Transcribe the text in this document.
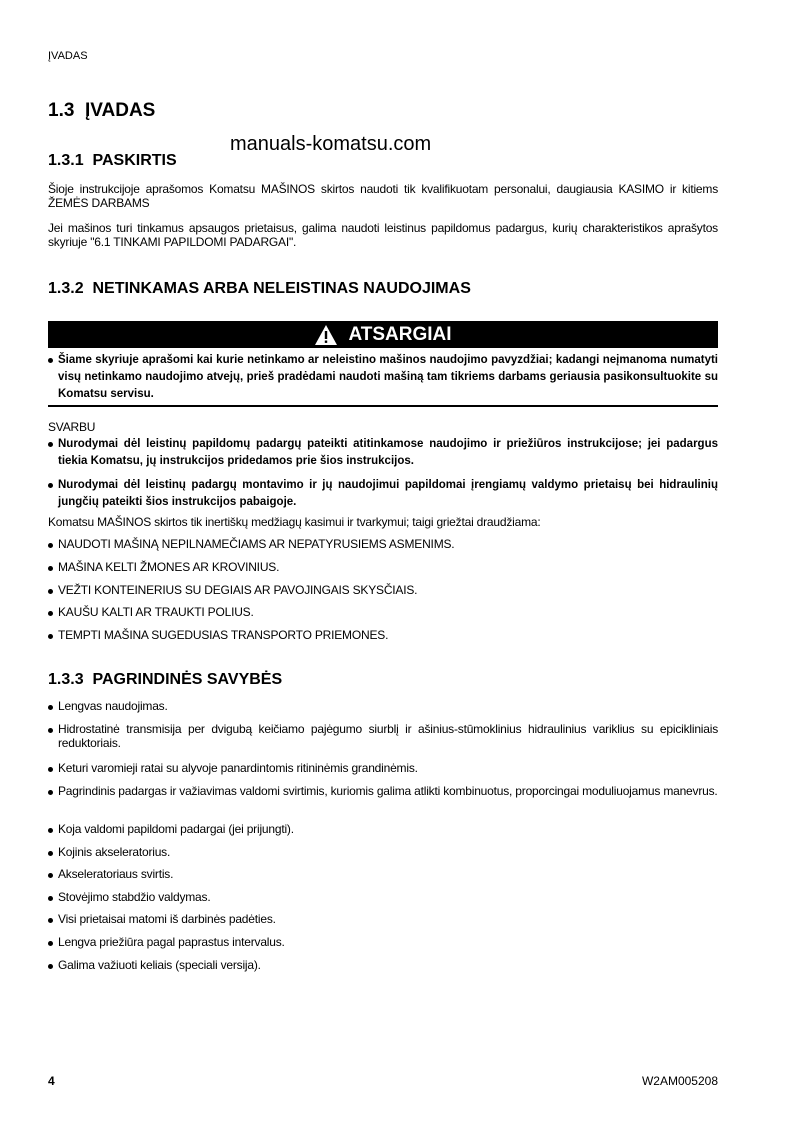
ĮVADAS
1.3  ĮVADAS
manuals-komatsu.com
1.3.1  PASKIRTIS

Šioje instrukcijoje aprašomos Komatsu MAŠINOS skirtos naudoti tik kvalifikuotam personalui, daugiausia KASIMO ir kitiems ŽEMĖS DARBAMS

Jei mašinos turi tinkamus apsaugos prietaisus, galima naudoti leistinus papildomus padargus, kurių charakteristikos aprašytos skyriuje "6.1 TINKAMI PAPILDOMI PADARGAI".

1.3.2  NETINKAMAS ARBA NELEISTINAS NAUDOJIMAS
ATSARGIAI

Šiame skyriuje aprašomi kai kurie netinkamo ar neleistino mašinos naudojimo pavyzdžiai; kadangi neįmanoma numatyti visų netinkamo naudojimo atvejų, prieš pradėdami naudoti mašiną tam tikriems darbams geriausia pasikonsultuokite su Komatsu servisu.

SVARBU

Nurodymai dėl leistinų papildomų padargų pateikti atitinkamose naudojimo ir priežiūros instrukcijose; jei padargus tiekia Komatsu, jų instrukcijos pridedamos prie šios instrukcijos.

Nurodymai dėl leistinų padargų montavimo ir jų naudojimui papildomai įrengiamų valdymo prietaisų bei hidraulinių jungčių pateikti šios instrukcijos pabaigoje.

Komatsu MAŠINOS skirtos tik inertiškų medžiagų kasimui ir tvarkymui; taigi griežtai draudžiama:

NAUDOTI MAŠINĄ NEPILNAMEČIAMS AR NEPATYRUSIEMS ASMENIMS.

MAŠINA KELTI ŽMONES AR KROVINIUS.

VEŽTI KONTEINERIUS SU DEGIAIS AR PAVOJINGAIS SKYSČIAIS.

KAUŠU KALTI AR TRAUKTI POLIUS.

TEMPTI MAŠINA SUGEDUSIAS TRANSPORTO PRIEMONES.

1.3.3  PAGRINDINĖS SAVYBĖS

Lengvas naudojimas.

Hidrostatinė transmisija per dvigubą keičiamo pajėgumo siurblį ir ašinius-stūmoklinius hidraulinius variklius su epicikliniais reduktoriais.

Keturi varomieji ratai su alyvoje panardintomis ritininėmis grandinėmis.

Pagrindinis padargas ir važiavimas valdomi svirtimis, kuriomis galima atlikti kombinuotus, proporcingai moduliuojamus manevrus.

Koja valdomi papildomi padargai (jei prijungti).

Kojinis akseleratorius.

Akseleratoriaus svirtis.

Stovėjimo stabdžio valdymas.

Visi prietaisai matomi iš darbinės padėties.

Lengva priežiūra pagal paprastus intervalus.

Galima važiuoti keliais (speciali versija).

4	W2AM005208
